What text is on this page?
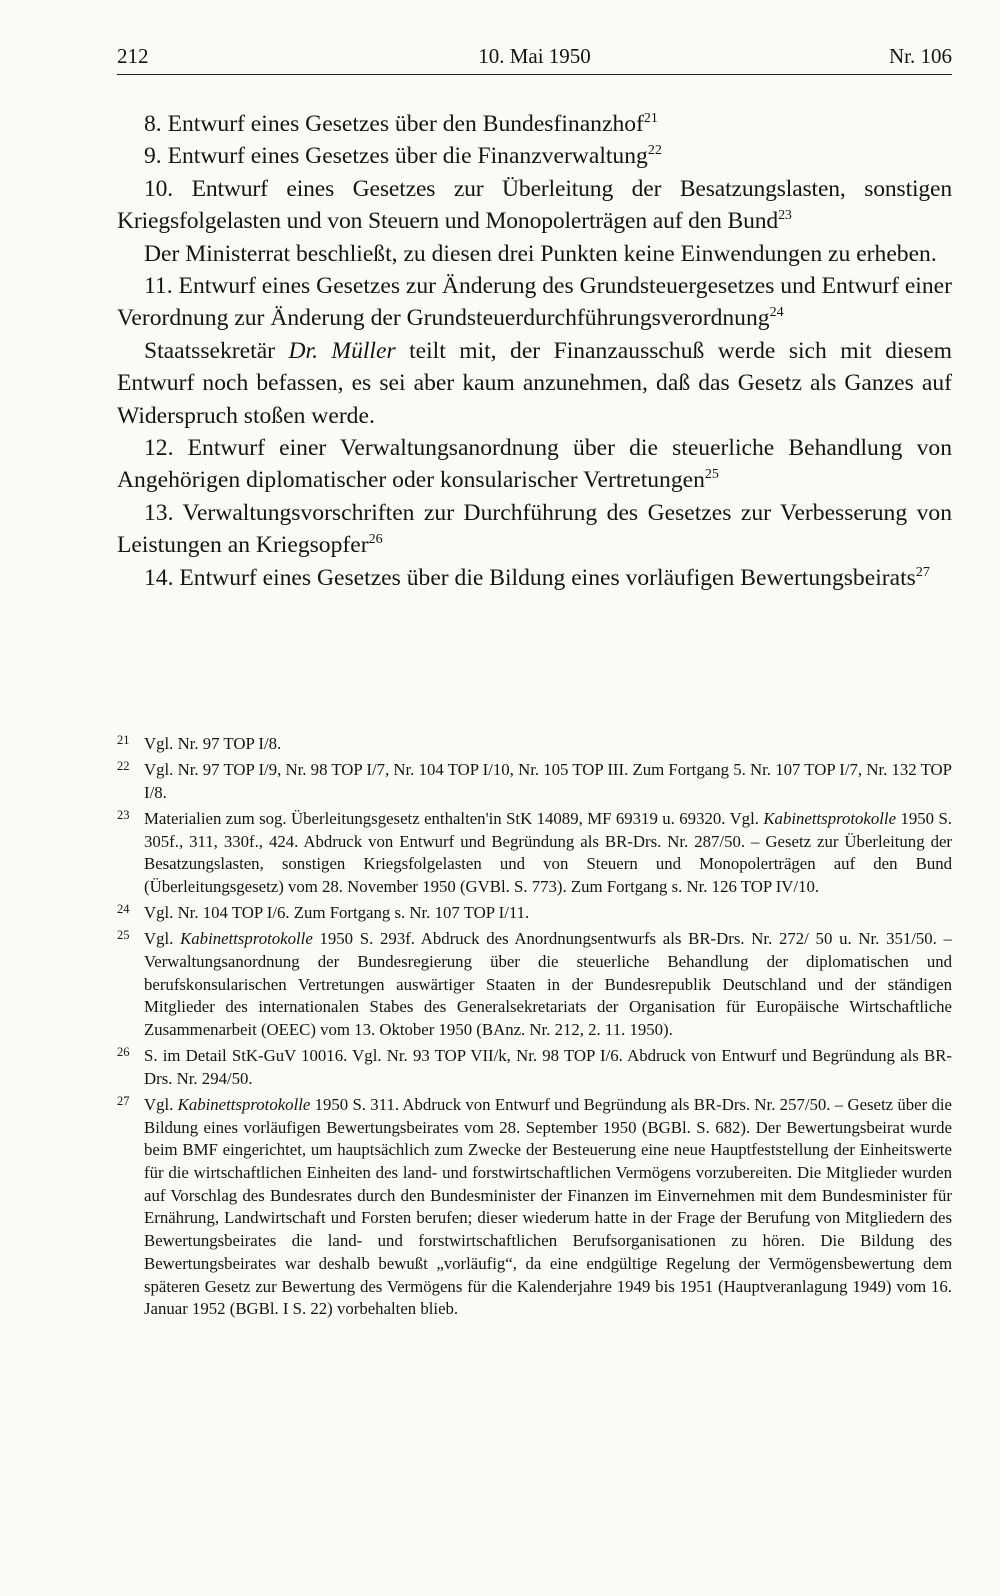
212	10. Mai 1950	Nr. 106

8. Entwurf eines Gesetzes über den Bundesfinanzhof$^{21}$

9. Entwurf eines Gesetzes über die Finanzverwaltung$^{22}$

10. Entwurf eines Gesetzes zur Überleitung der Besatzungslasten, sonstigen Kriegsfolgelasten und von Steuern und Monopolerträgen auf den Bund$^{23}$

Der Ministerrat beschließt, zu diesen drei Punkten keine Einwendungen zu erheben.

11. Entwurf eines Gesetzes zur Änderung des Grundsteuergesetzes und Entwurf einer Verordnung zur Änderung der Grundsteuerdurchführungsverordnung$^{24}$

Staatssekretär Dr. Müller teilt mit, der Finanzausschuß werde sich mit diesem Entwurf noch befassen, es sei aber kaum anzunehmen, daß das Gesetz als Ganzes auf Widerspruch stoßen werde.

12. Entwurf einer Verwaltungsanordnung über die steuerliche Behandlung von Angehörigen diplomatischer oder konsularischer Vertretungen$^{25}$

13. Verwaltungsvorschriften zur Durchführung des Gesetzes zur Verbesserung von Leistungen an Kriegsopfer$^{26}$

14. Entwurf eines Gesetzes über die Bildung eines vorläufigen Bewertungsbeirats$^{27}$

21 Vgl. Nr. 97 TOP I/8.
22 Vgl. Nr. 97 TOP I/9, Nr. 98 TOP I/7, Nr. 104 TOP I/10, Nr. 105 TOP III. Zum Fortgang 5. Nr. 107 TOP I/7, Nr. 132 TOP I/8.
23 Materialien zum sog. Überleitungsgesetz enthalten'in StK 14089, MF 69319 u. 69320. Vgl. Kabinettsprotokolle 1950 S. 305f., 311, 330f., 424. Abdruck von Entwurf und Begründung als BR-Drs. Nr. 287/50. – Gesetz zur Überleitung der Besatzungslasten, sonstigen Kriegsfolgelasten und von Steuern und Monopolerträgen auf den Bund (Überleitungsgesetz) vom 28. November 1950 (GVBl. S. 773). Zum Fortgang s. Nr. 126 TOP IV/10.
24 Vgl. Nr. 104 TOP I/6. Zum Fortgang s. Nr. 107 TOP I/11.
25 Vgl. Kabinettsprotokolle 1950 S. 293f. Abdruck des Anordnungsentwurfs als BR-Drs. Nr. 272/ 50 u. Nr. 351/50. – Verwaltungsanordnung der Bundesregierung über die steuerliche Behandlung der diplomatischen und berufskonsularischen Vertretungen auswärtiger Staaten in der Bundesrepublik Deutschland und der ständigen Mitglieder des internationalen Stabes des Generalsekretariats der Organisation für Europäische Wirtschaftliche Zusammenarbeit (OEEC) vom 13. Oktober 1950 (BAnz. Nr. 212, 2. 11. 1950).
26 S. im Detail StK-GuV 10016. Vgl. Nr. 93 TOP VII/k, Nr. 98 TOP I/6. Abdruck von Entwurf und Begründung als BR-Drs. Nr. 294/50.
27 Vgl. Kabinettsprotokolle 1950 S. 311. Abdruck von Entwurf und Begründung als BR-Drs. Nr. 257/50. – Gesetz über die Bildung eines vorläufigen Bewertungsbeirates vom 28. September 1950 (BGBl. S. 682). Der Bewertungsbeirat wurde beim BMF eingerichtet, um hauptsächlich zum Zwecke der Besteuerung eine neue Hauptfeststellung der Einheitswerte für die wirtschaftlichen Einheiten des land- und forstwirtschaftlichen Vermögens vorzubereiten. Die Mitglieder wurden auf Vorschlag des Bundesrates durch den Bundesminister der Finanzen im Einvernehmen mit dem Bundesminister für Ernährung, Landwirtschaft und Forsten berufen; dieser wiederum hatte in der Frage der Berufung von Mitgliedern des Bewertungsbeirates die land- und forstwirtschaftlichen Berufsorganisationen zu hören. Die Bildung des Bewertungsbeirates war deshalb bewußt „vorläufig“, da eine endgültige Regelung der Vermögensbewertung dem späteren Gesetz zur Bewertung des Vermögens für die Kalenderjahre 1949 bis 1951 (Hauptveranlagung 1949) vom 16. Januar 1952 (BGBl. I S. 22) vorbehalten blieb.
